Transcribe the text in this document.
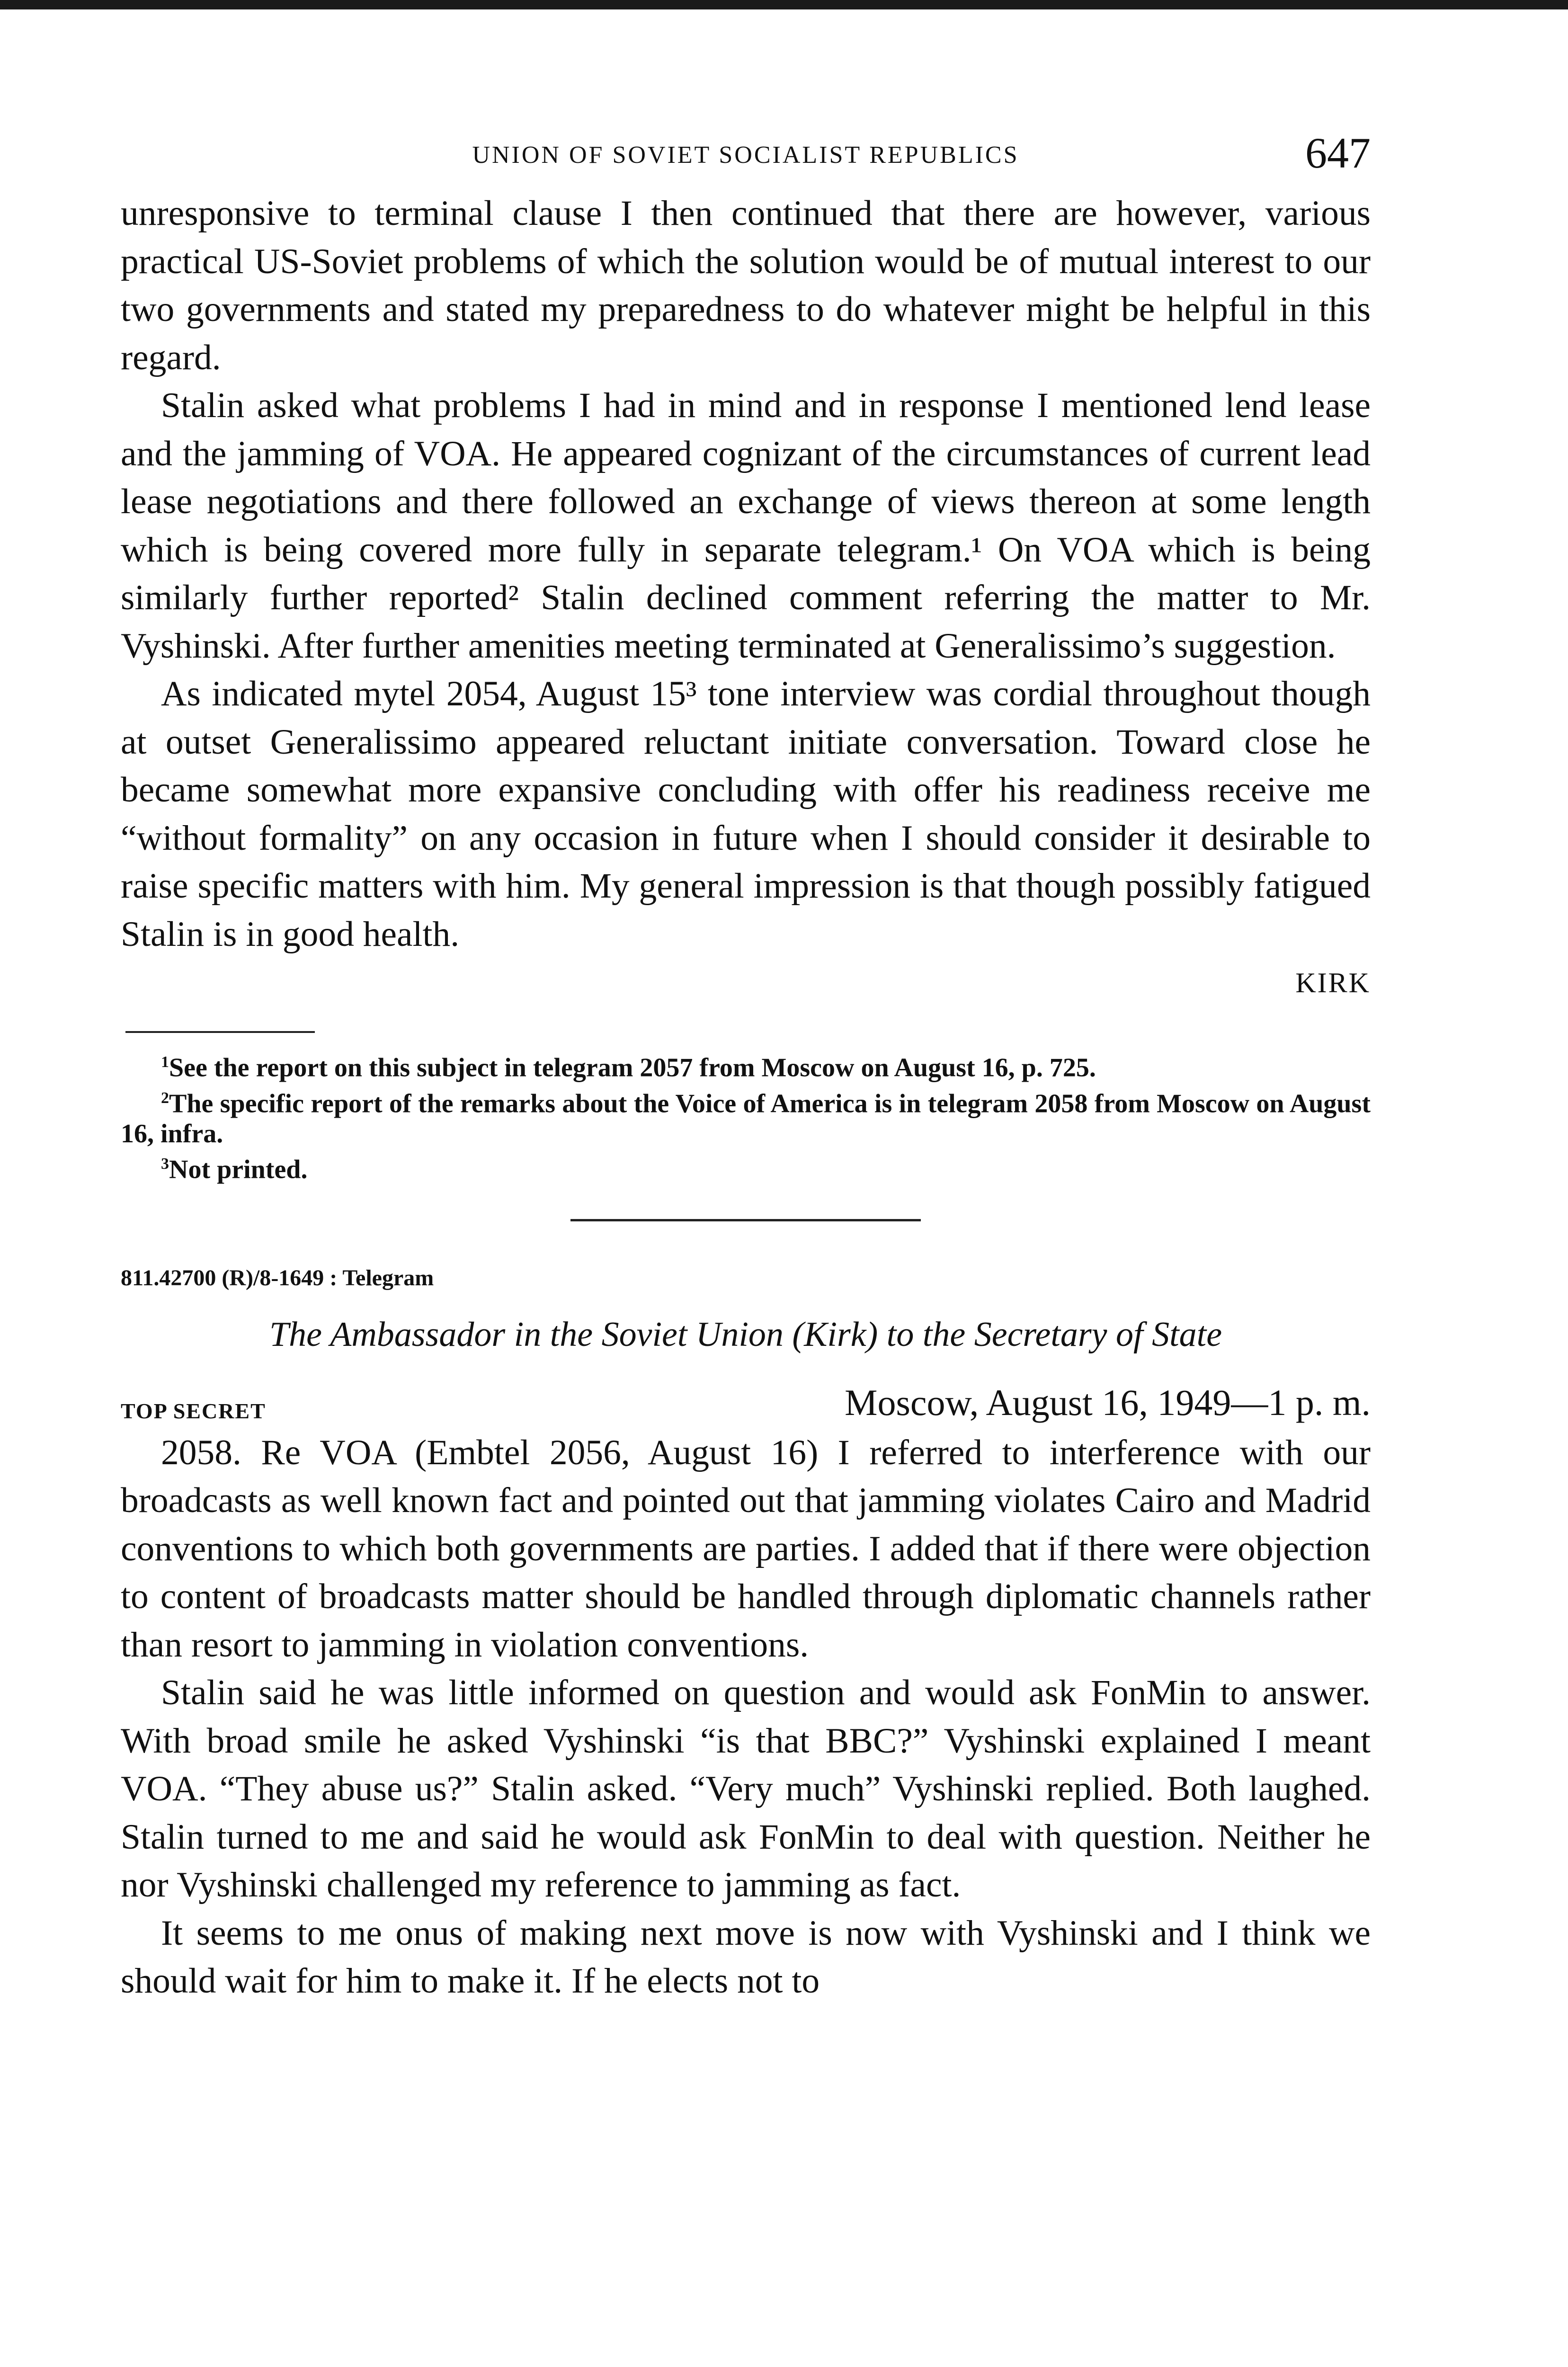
UNION OF SOVIET SOCIALIST REPUBLICS	647

unresponsive to terminal clause I then continued that there are however, various practical US-Soviet problems of which the solution would be of mutual interest to our two governments and stated my preparedness to do whatever might be helpful in this regard.

Stalin asked what problems I had in mind and in response I mentioned lend lease and the jamming of VOA. He appeared cognizant of the circumstances of current lead lease negotiations and there followed an exchange of views thereon at some length which is being covered more fully in separate telegram.¹ On VOA which is being similarly further reported² Stalin declined comment referring the matter to Mr. Vyshinski. After further amenities meeting terminated at Generalissimo’s suggestion.

As indicated mytel 2054, August 15³ tone interview was cordial throughout though at outset Generalissimo appeared reluctant initiate conversation. Toward close he became somewhat more expansive concluding with offer his readiness receive me “without formality” on any occasion in future when I should consider it desirable to raise specific matters with him. My general impression is that though possibly fatigued Stalin is in good health.

KIRK

$^1$See the report on this subject in telegram 2057 from Moscow on August 16, p. 725.

$^2$The specific report of the remarks about the Voice of America is in telegram 2058 from Moscow on August 16, infra.

$^3$Not printed.

811.42700 (R)/8-1649 : Telegram
The Ambassador in the Soviet Union (Kirk) to the Secretary of State
TOP SECRET	Moscow, August 16, 1949—1 p. m.

2058. Re VOA (Embtel 2056, August 16) I referred to interference with our broadcasts as well known fact and pointed out that jamming violates Cairo and Madrid conventions to which both governments are parties. I added that if there were objection to content of broadcasts matter should be handled through diplomatic channels rather than resort to jamming in violation conventions.

Stalin said he was little informed on question and would ask FonMin to answer. With broad smile he asked Vyshinski “is that BBC?” Vyshinski explained I meant VOA. “They abuse us?” Stalin asked. “Very much” Vyshinski replied. Both laughed. Stalin turned to me and said he would ask FonMin to deal with question. Neither he nor Vyshinski challenged my reference to jamming as fact.

It seems to me onus of making next move is now with Vyshinski and I think we should wait for him to make it. If he elects not to
